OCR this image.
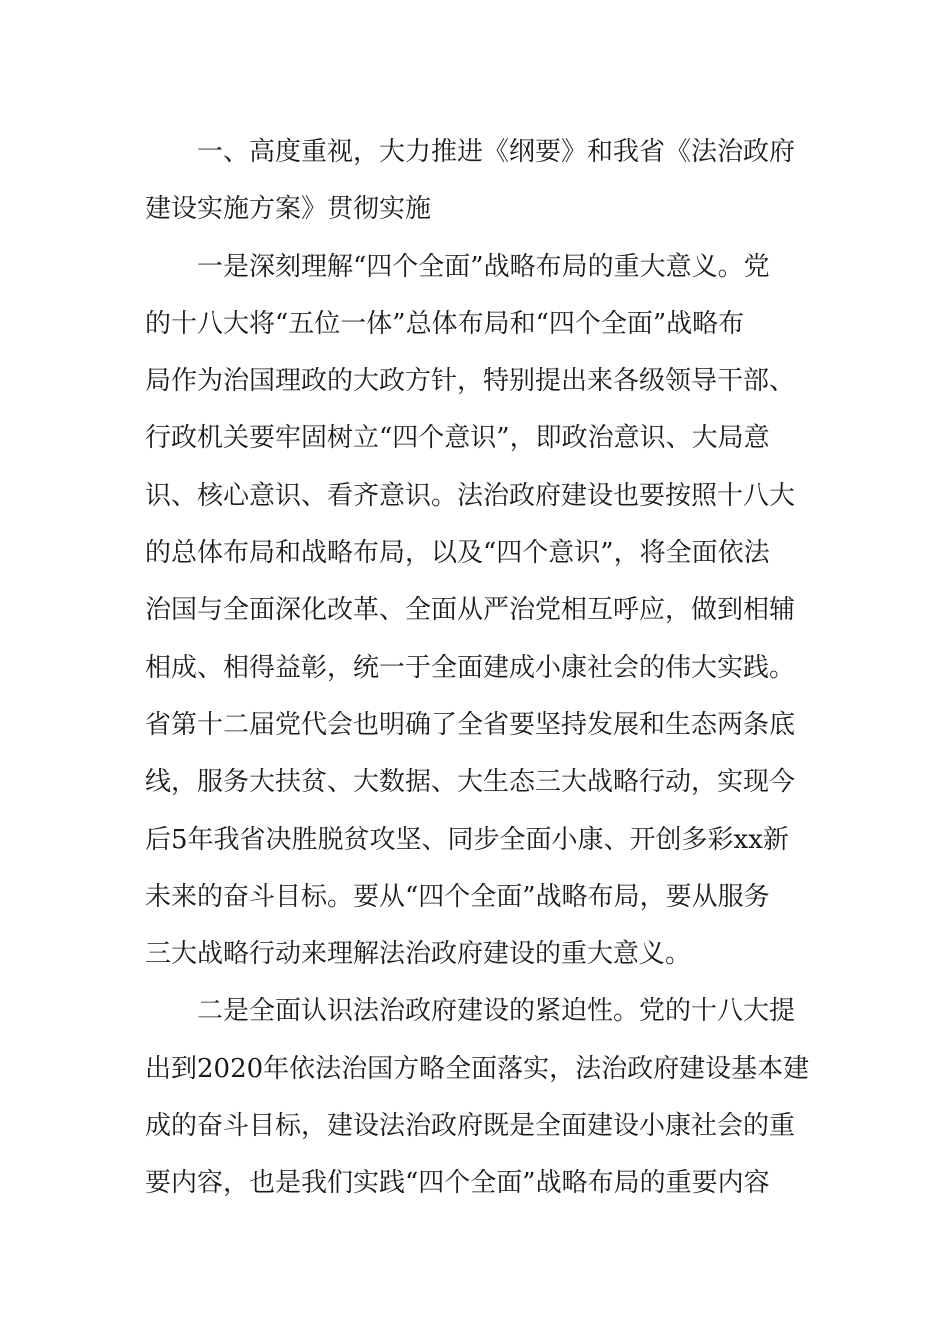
　　一、高度重视，大力推进《纲要》和我省《法治政府
建设实施方案》贯彻实施
　　一是深刻理解“四个全面”战略布局的重大意义。党
的十八大将“五位一体”总体布局和“四个全面”战略布
局作为治国理政的大政方针，特别提出来各级领导干部、
行政机关要牢固树立“四个意识”，即政治意识、大局意
识、核心意识、看齐意识。法治政府建设也要按照十八大
的总体布局和战略布局，以及“四个意识”，将全面依法
治国与全面深化改革、全面从严治党相互呼应，做到相辅
相成、相得益彰，统一于全面建成小康社会的伟大实践。
省第十二届党代会也明确了全省要坚持发展和生态两条底
线，服务大扶贫、大数据、大生态三大战略行动，实现今
后5年我省决胜脱贫攻坚、同步全面小康、开创多彩xx新
未来的奋斗目标。要从“四个全面”战略布局，要从服务
三大战略行动来理解法治政府建设的重大意义。
　　二是全面认识法治政府建设的紧迫性。党的十八大提
出到2020年依法治国方略全面落实，法治政府建设基本建
成的奋斗目标，建设法治政府既是全面建设小康社会的重
要内容，也是我们实践“四个全面”战略布局的重要内容
